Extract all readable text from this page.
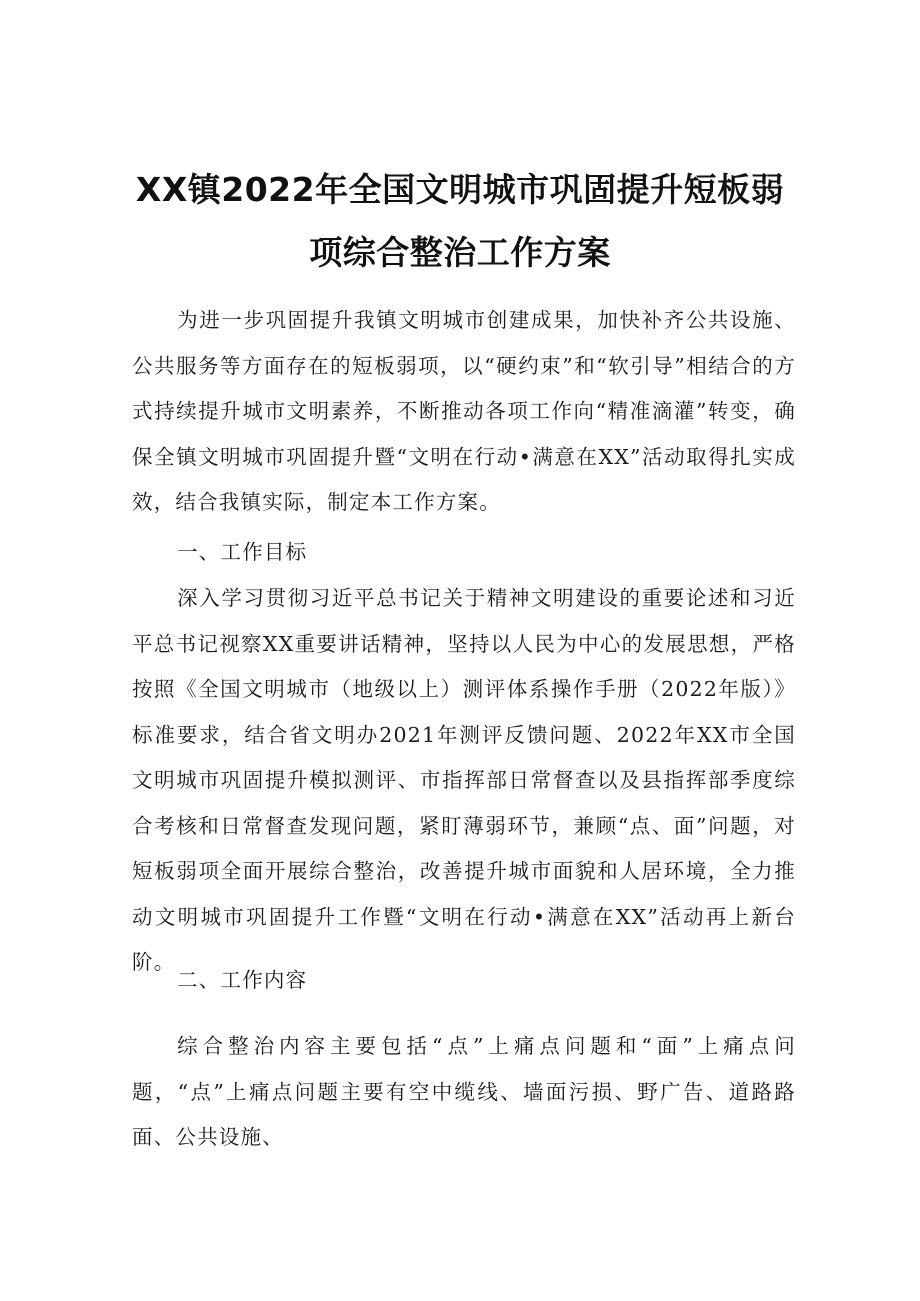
XX镇2022年全国文明城市巩固提升短板弱
项综合整治工作方案

为进一步巩固提升我镇文明城市创建成果，加快补齐公共设施、公共服务等方面存在的短板弱项，以“硬约束”和“软引导”相结合的方式持续提升城市文明素养，不断推动各项工作向“精准滴灌”转变，确保全镇文明城市巩固提升暨“文明在行动•满意在XX”活动取得扎实成效，结合我镇实际，制定本工作方案。

一、工作目标

深入学习贯彻习近平总书记关于精神文明建设的重要论述和习近平总书记视察XX重要讲话精神，坚持以人民为中心的发展思想，严格按照《全国文明城市（地级以上）测评体系操作手册（2022年版）》标准要求，结合省文明办2021年测评反馈问题、2022年XX市全国文明城市巩固提升模拟测评、市指挥部日常督查以及县指挥部季度综合考核和日常督查发现问题，紧盯薄弱环节，兼顾“点、面”问题，对短板弱项全面开展综合整治，改善提升城市面貌和人居环境，全力推动文明城市巩固提升工作暨“文明在行动•满意在XX”活动再上新台阶。

二、工作内容

综合整治内容主要包括“点”上痛点问题和“面”上痛点问题，“点”上痛点问题主要有空中缆线、墙面污损、野广告、道路路面、公共设施、
